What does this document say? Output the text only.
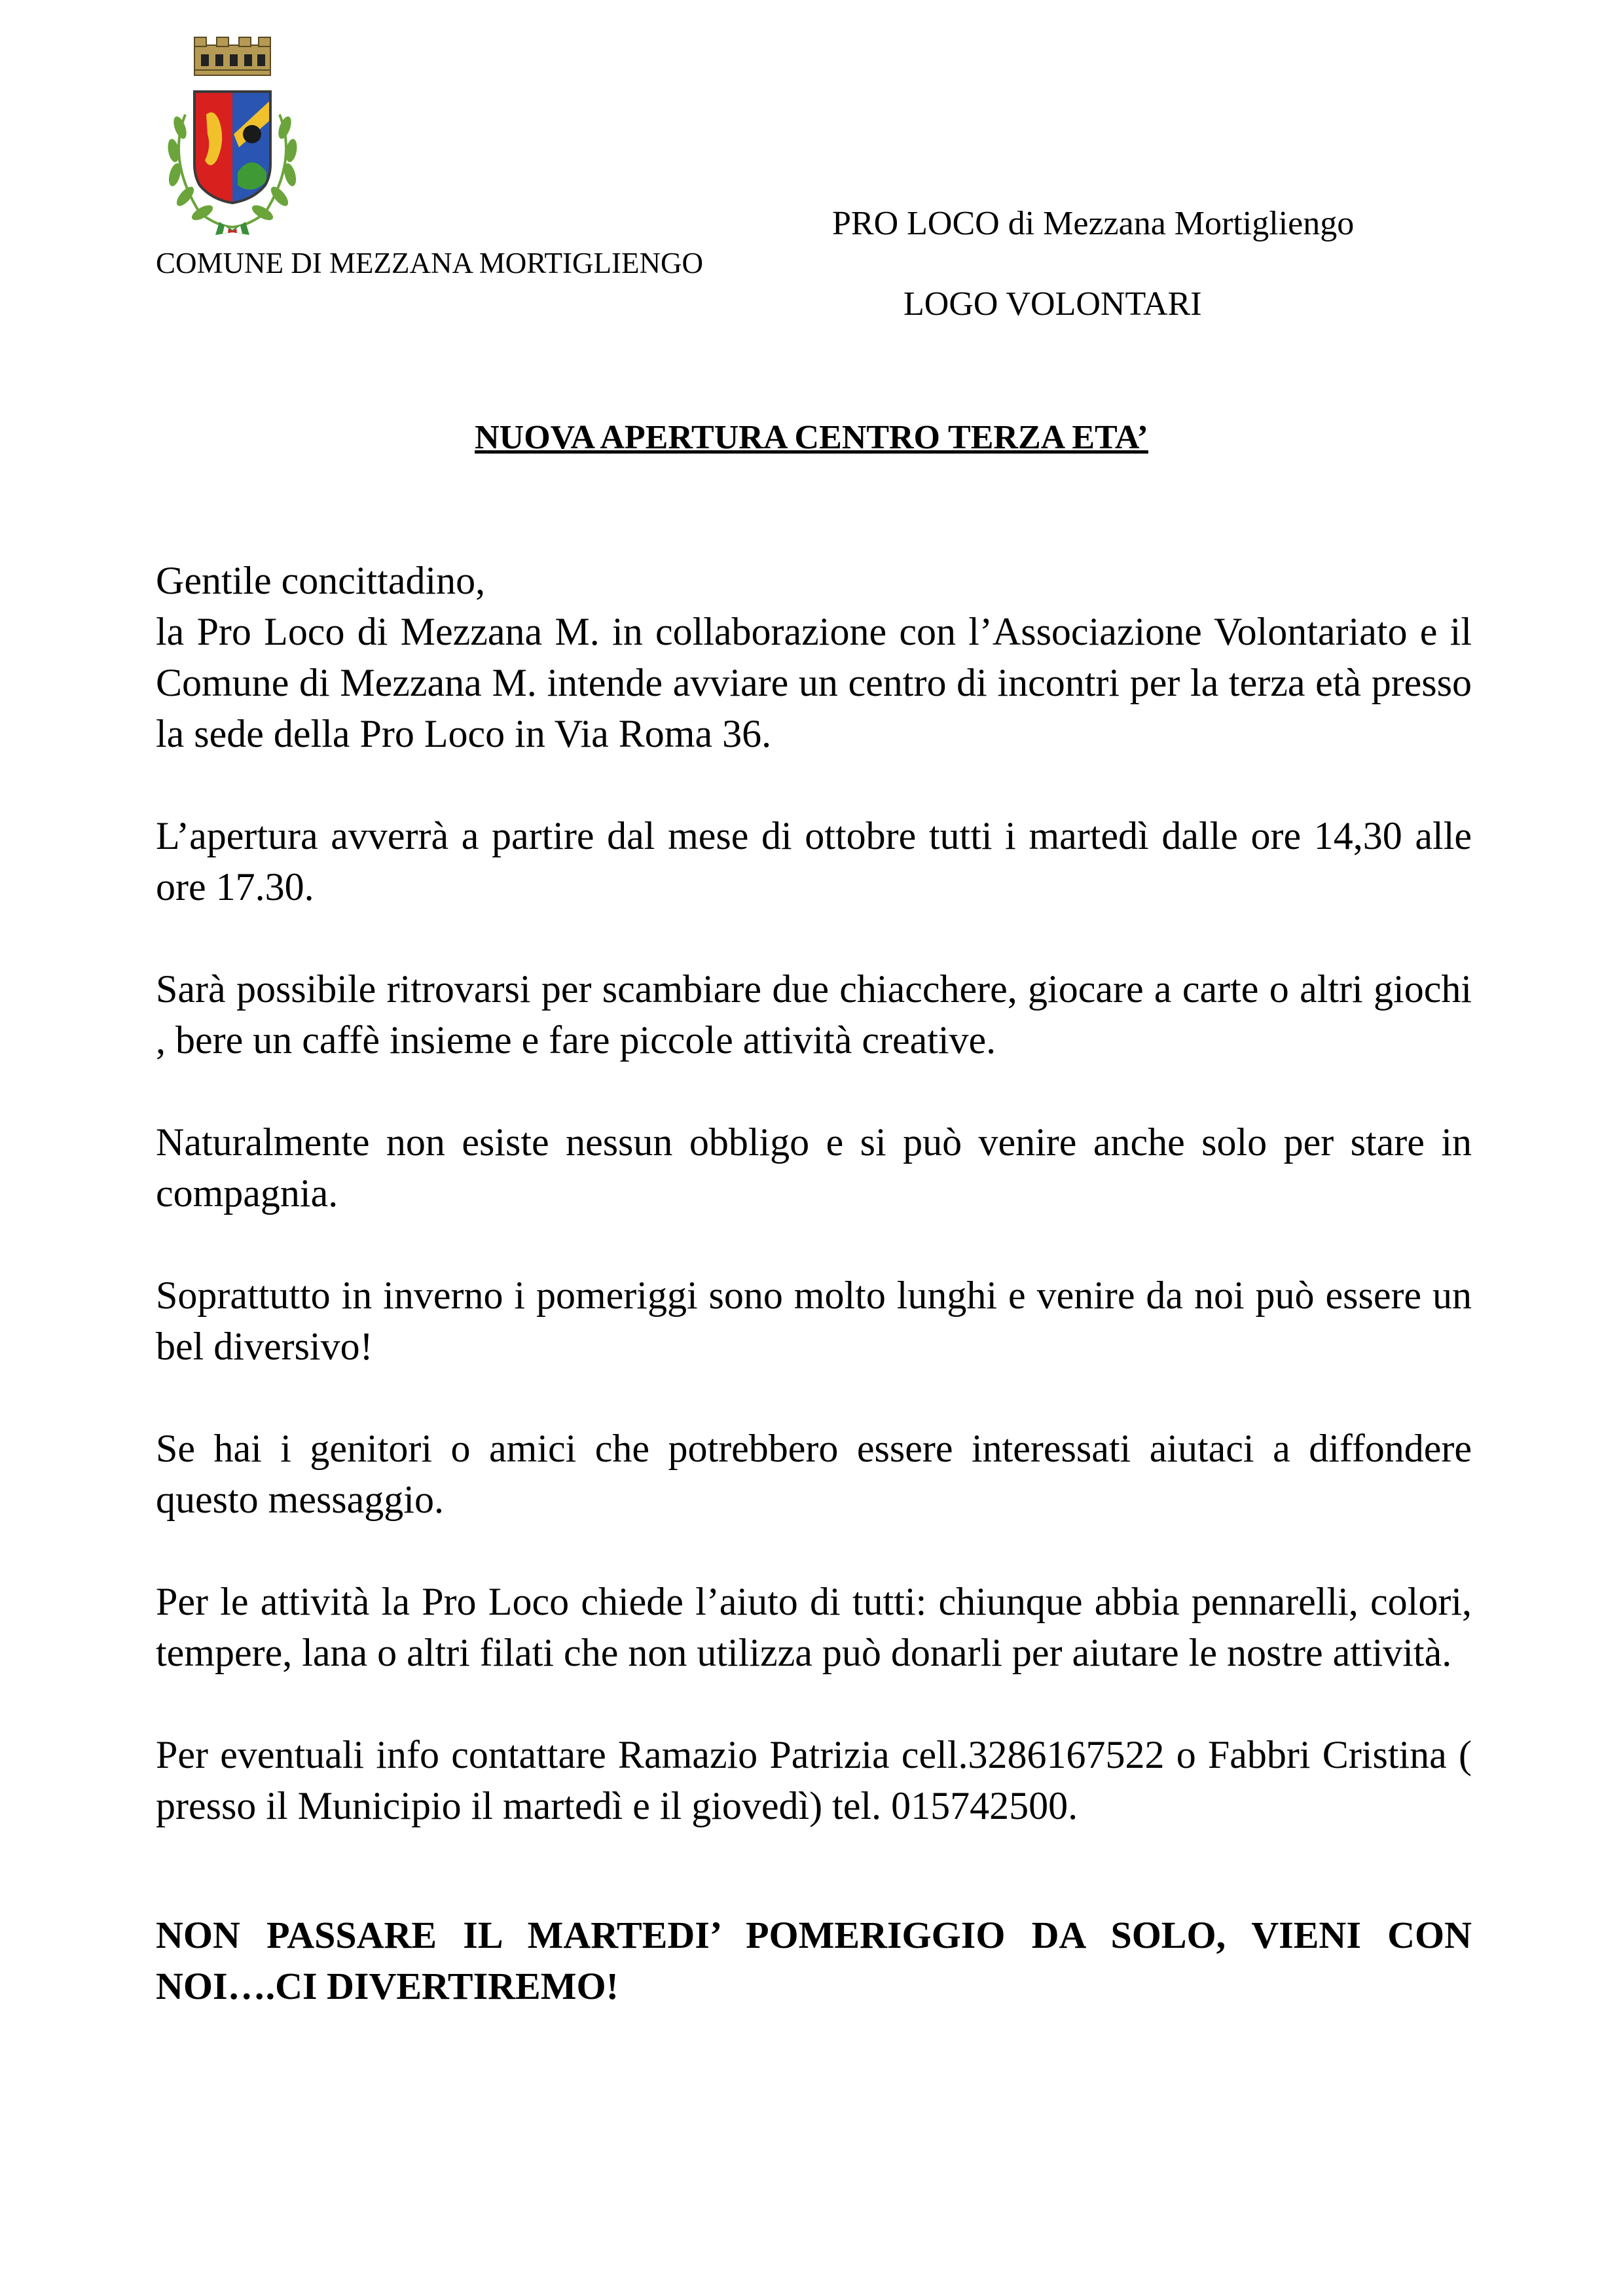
COMUNE DI MEZZANA MORTIGLIENGO
PRO LOCO di Mezzana Mortigliengo
LOGO VOLONTARI
NUOVA APERTURA CENTRO TERZA ETA’

Gentile concittadino,

la Pro Loco di Mezzana M. in collaborazione con l’Associazione Volontariato e il Comune di Mezzana M. intende avviare un centro di incontri per la terza età presso la sede della Pro Loco in Via Roma 36.

L’apertura avverrà a partire dal mese di ottobre tutti i martedì dalle ore 14,30 alle ore 17.30.

Sarà possibile ritrovarsi per scambiare due chiacchere, giocare a carte o altri giochi , bere un caffè insieme e fare piccole attività creative.

Naturalmente non esiste nessun obbligo e si può venire anche solo per stare in compagnia.

Soprattutto in inverno i pomeriggi sono molto lunghi e venire da noi può essere un bel diversivo!

Se hai i genitori o amici che potrebbero essere interessati aiutaci a diffondere questo messaggio.

Per le attività la Pro Loco chiede l’aiuto di tutti: chiunque abbia pennarelli, colori, tempere, lana o altri filati che non utilizza può donarli per aiutare le nostre attività.

Per eventuali info contattare Ramazio Patrizia cell.3286167522 o Fabbri Cristina ( presso il Municipio il martedì e il giovedì) tel. 015742500.

NON PASSARE IL MARTEDI’ POMERIGGIO DA SOLO, VIENI CON NOI….CI DIVERTIREMO!
